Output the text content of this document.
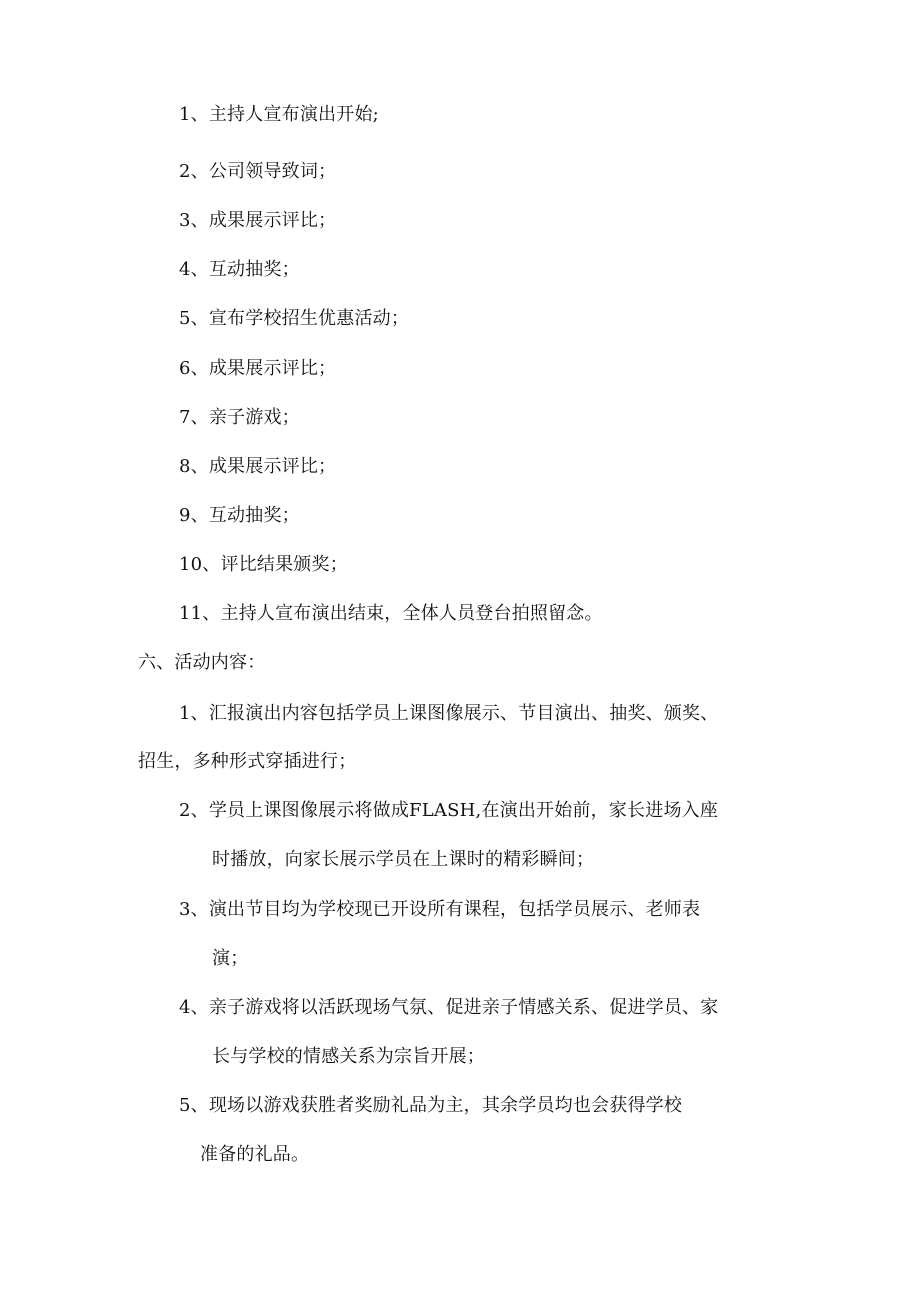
1、主持人宣布演出开始;
2、公司领导致词；
3、成果展示评比；
4、互动抽奖；
5、宣布学校招生优惠活动；
6、成果展示评比；
7、亲子游戏；
8、成果展示评比；
9、互动抽奖；
10、评比结果颁奖；
11、主持人宣布演出结束，全体人员登台拍照留念。
六、活动内容：
1、汇报演出内容包括学员上课图像展示、节目演出、抽奖、颁奖、
招生，多种形式穿插进行；
2、学员上课图像展示将做成FLASH,在演出开始前，家长进场入座
时播放，向家长展示学员在上课时的精彩瞬间；
3、演出节目均为学校现已开设所有课程，包括学员展示、老师表
演；
4、亲子游戏将以活跃现场气氛、促进亲子情感关系、促进学员、家
长与学校的情感关系为宗旨开展；
5、现场以游戏获胜者奖励礼品为主，其余学员均也会获得学校
准备的礼品。
